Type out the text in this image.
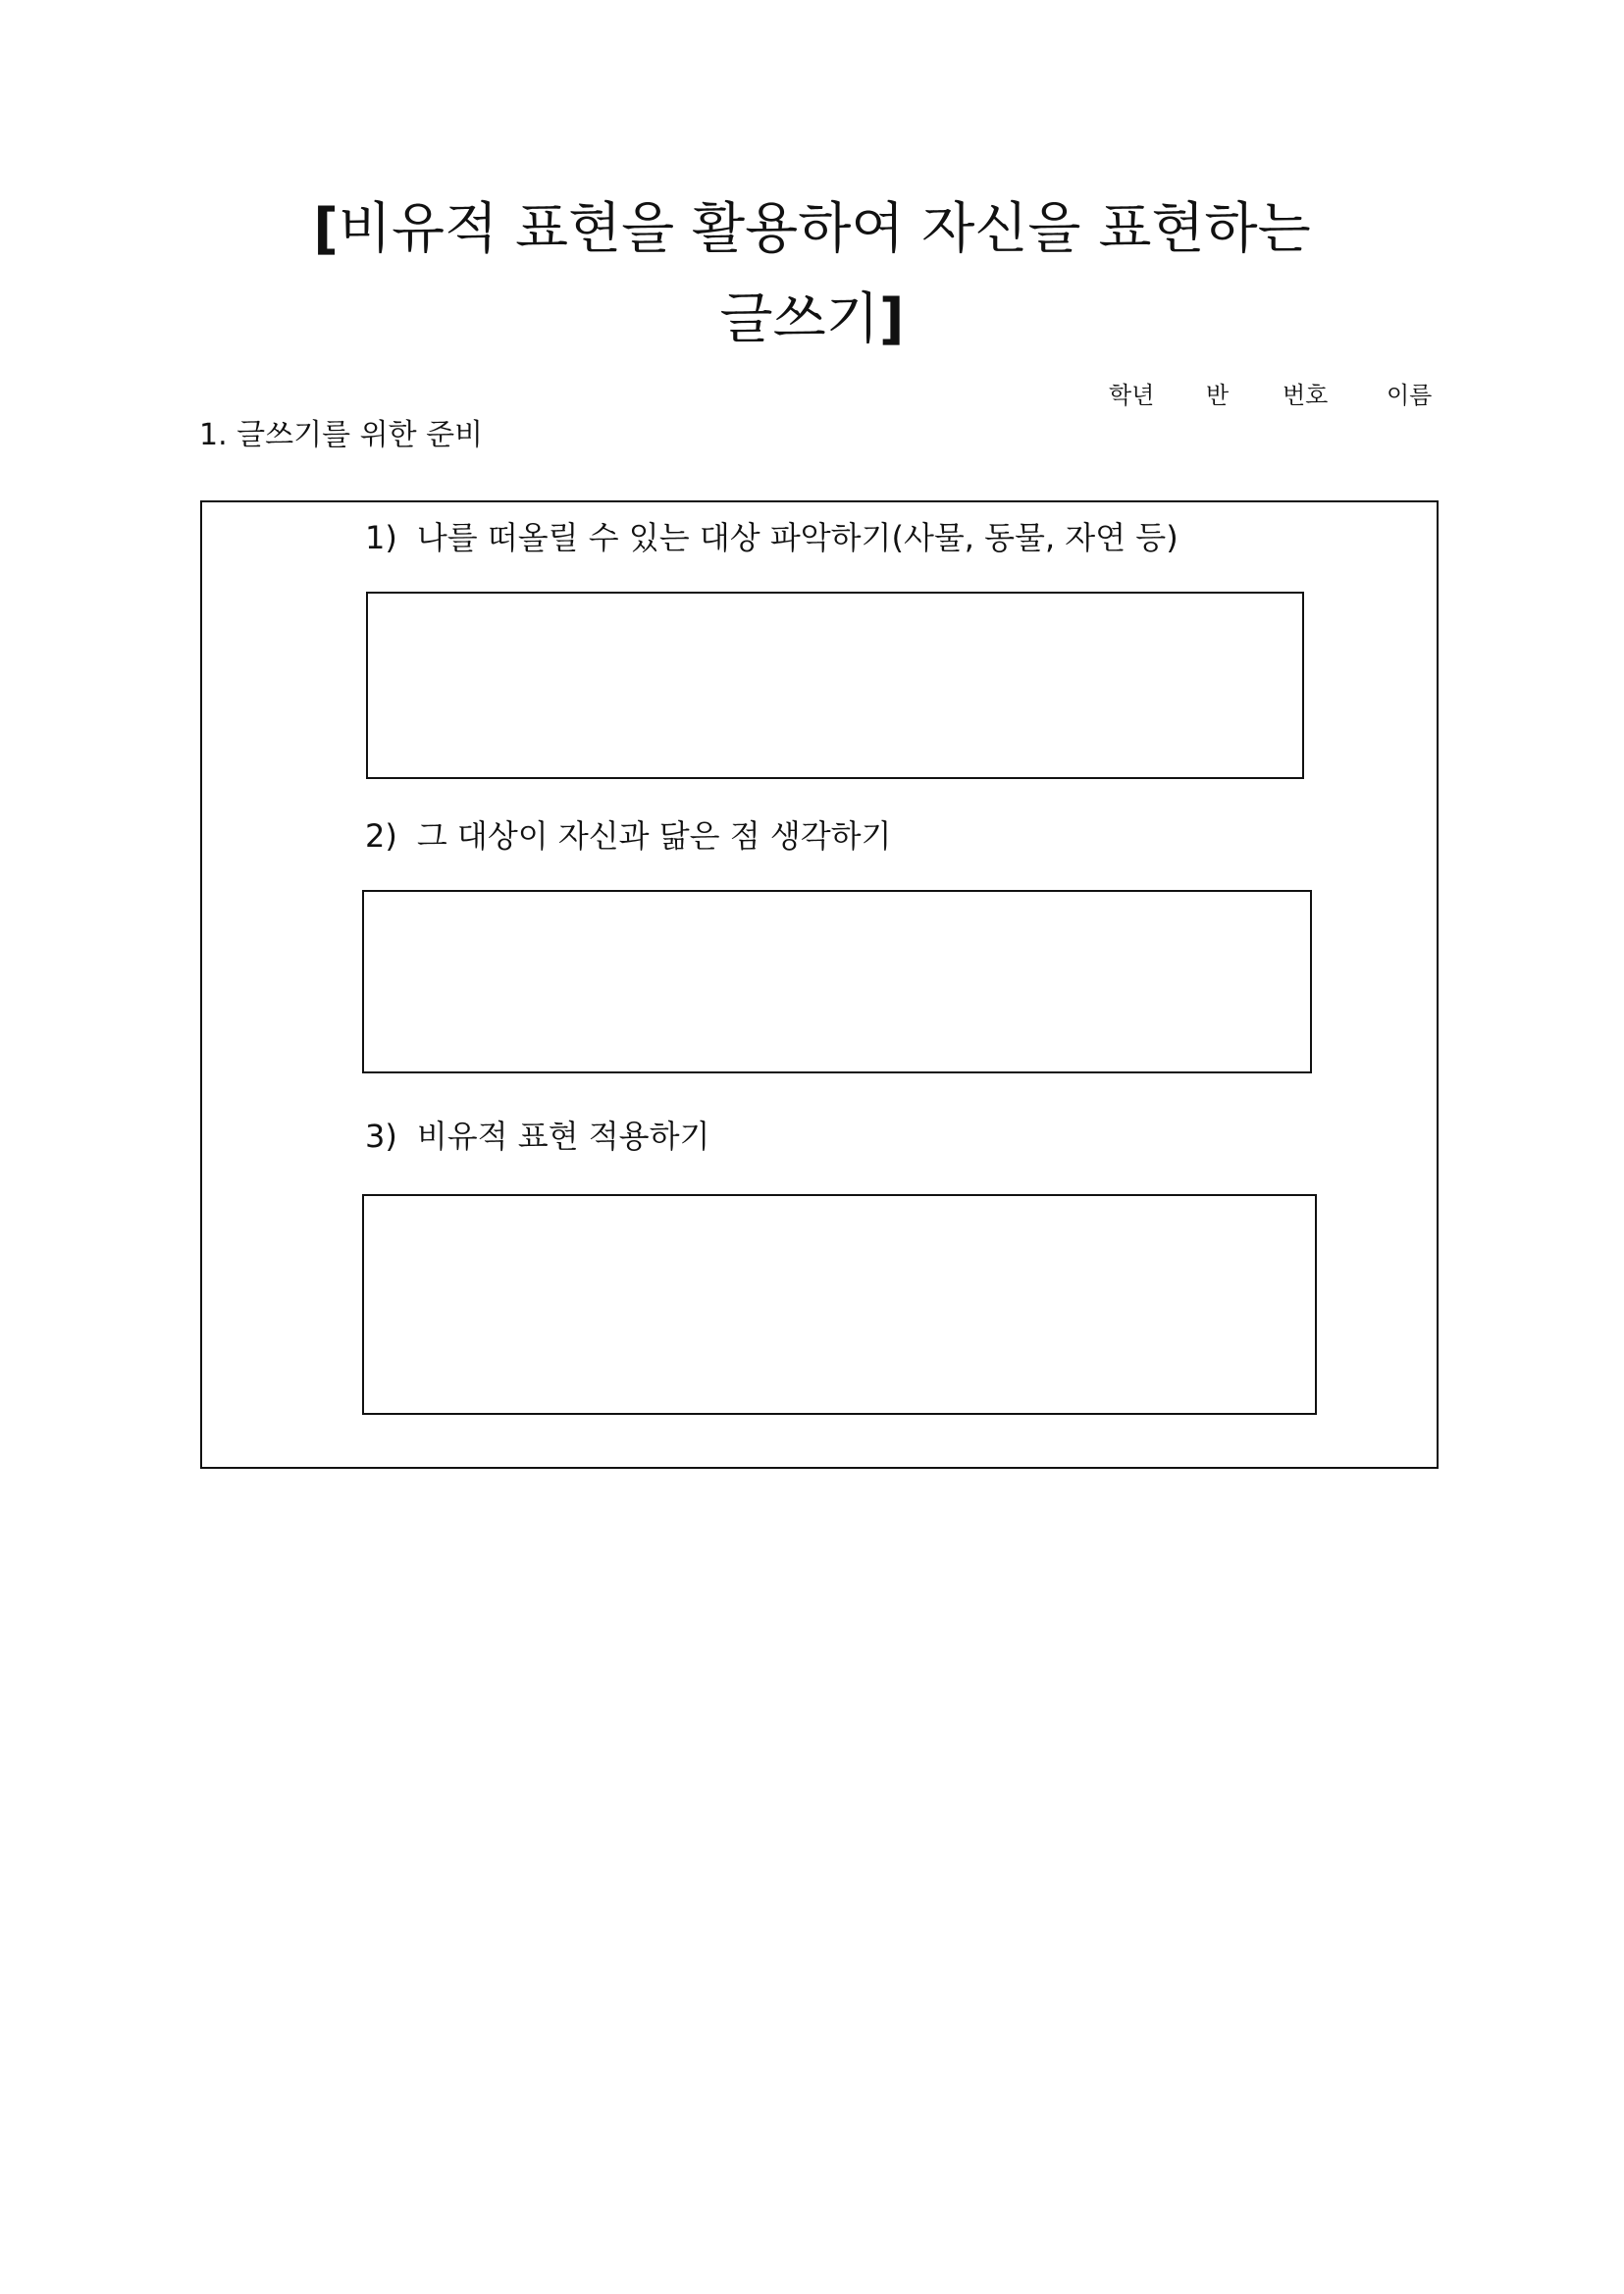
[비유적 표현을 활용하여 자신을 표현하는
글쓰기]
학년 반 번호 이름
1. 글쓰기를 위한 준비

1) 나를 떠올릴 수 있는 대상 파악하기(사물, 동물, 자연 등)

2) 그 대상이 자신과 닮은 점 생각하기

3) 비유적 표현 적용하기
